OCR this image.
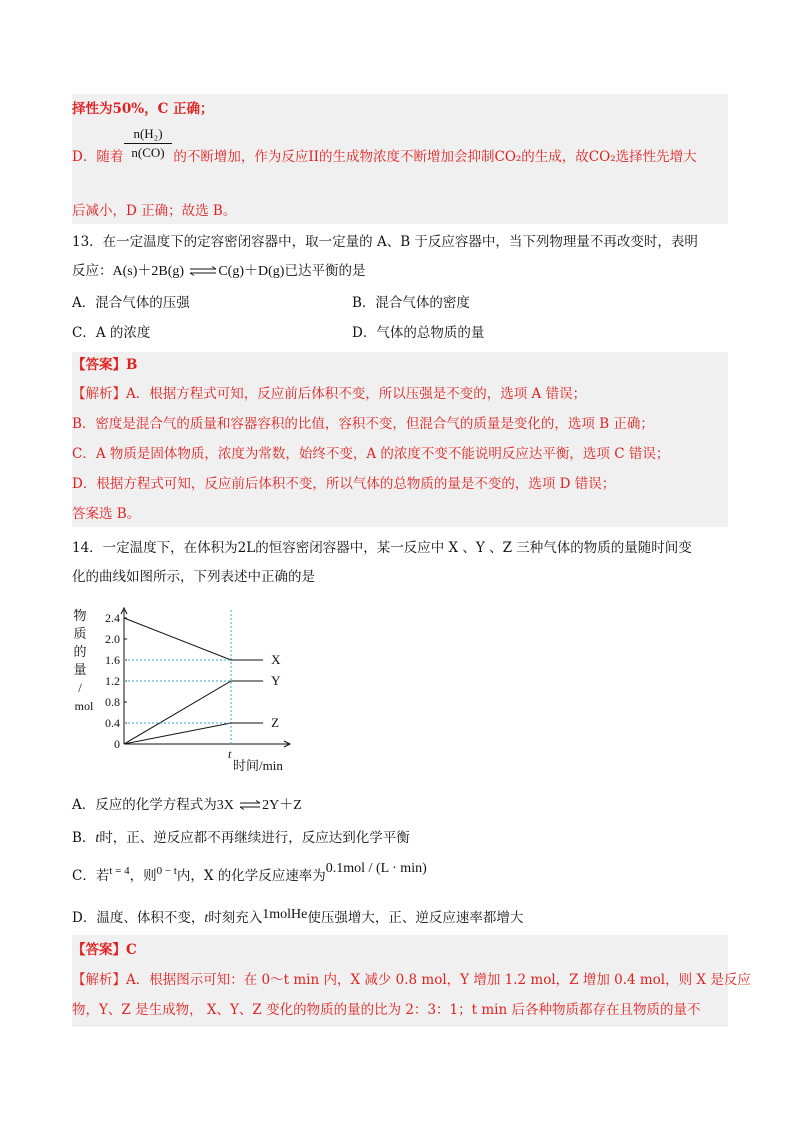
择性为50%，C 正确；
$\frac{\text{n(H₂)}}{n(CO)}$
D．随着	的不断增加，作为反应II的生成物浓度不断增加会抑制CO₂的生成，故CO₂选择性先增大
后减小，D 正确；故选 B。
13．在一定温度下的定容密闭容器中，取一定量的 A、B 于反应容器中，当下列物理量不再改变时，表明
反应：A(s)＋2B(g) ⇌C(g)＋D(g)已达平衡的是
A．混合气体的压强	B．混合气体的密度
C．A 的浓度	D．气体的总物质的量
【答案】B
【解析】A．根据方程式可知，反应前后体积不变，所以压强是不变的，选项 A 错误；
B．密度是混合气的质量和容器容积的比值，容积不变，但混合气的质量是变化的，选项 B 正确；
C．A 物质是固体物质，浓度为常数，始终不变，A 的浓度不变不能说明反应达平衡，选项 C 错误；
D．根据方程式可知，反应前后体积不变，所以气体的总物质的量是不变的，选项 D 错误；
答案选 B。
14．一定温度下，在体积为2L的恒容密闭容器中，某一反应中 X 、Y 、Z 三种气体的物质的量随时间变
化的曲线如图所示，下列表述中正确的是
0
0.4
0.8
1.2
1.6
2.0
2.4
物
质
的
量
/
mol
X
Y
Z
t
时间/min
A．反应的化学方程式为3X ⇌2Y＋Z
B．t时，正、逆反应都不再继续进行，反应达到化学平衡
C．若$^{t = 4}$，则$^{0 - t}$内，X 的化学反应速率为0.1mol / (L · min)
D．温度、体积不变，t时刻充入1molHe使压强增大，正、逆反应速率都增大
【答案】C
【解析】A．根据图示可知：在 0～t min 内，X 减少 0.8 mol，Y 增加 1.2 mol，Z 增加 0.4 mol，则 X 是反应
物，Y、Z 是生成物， X、Y、Z 变化的物质的量的比为 2：3：1；t min 后各种物质都存在且物质的量不
